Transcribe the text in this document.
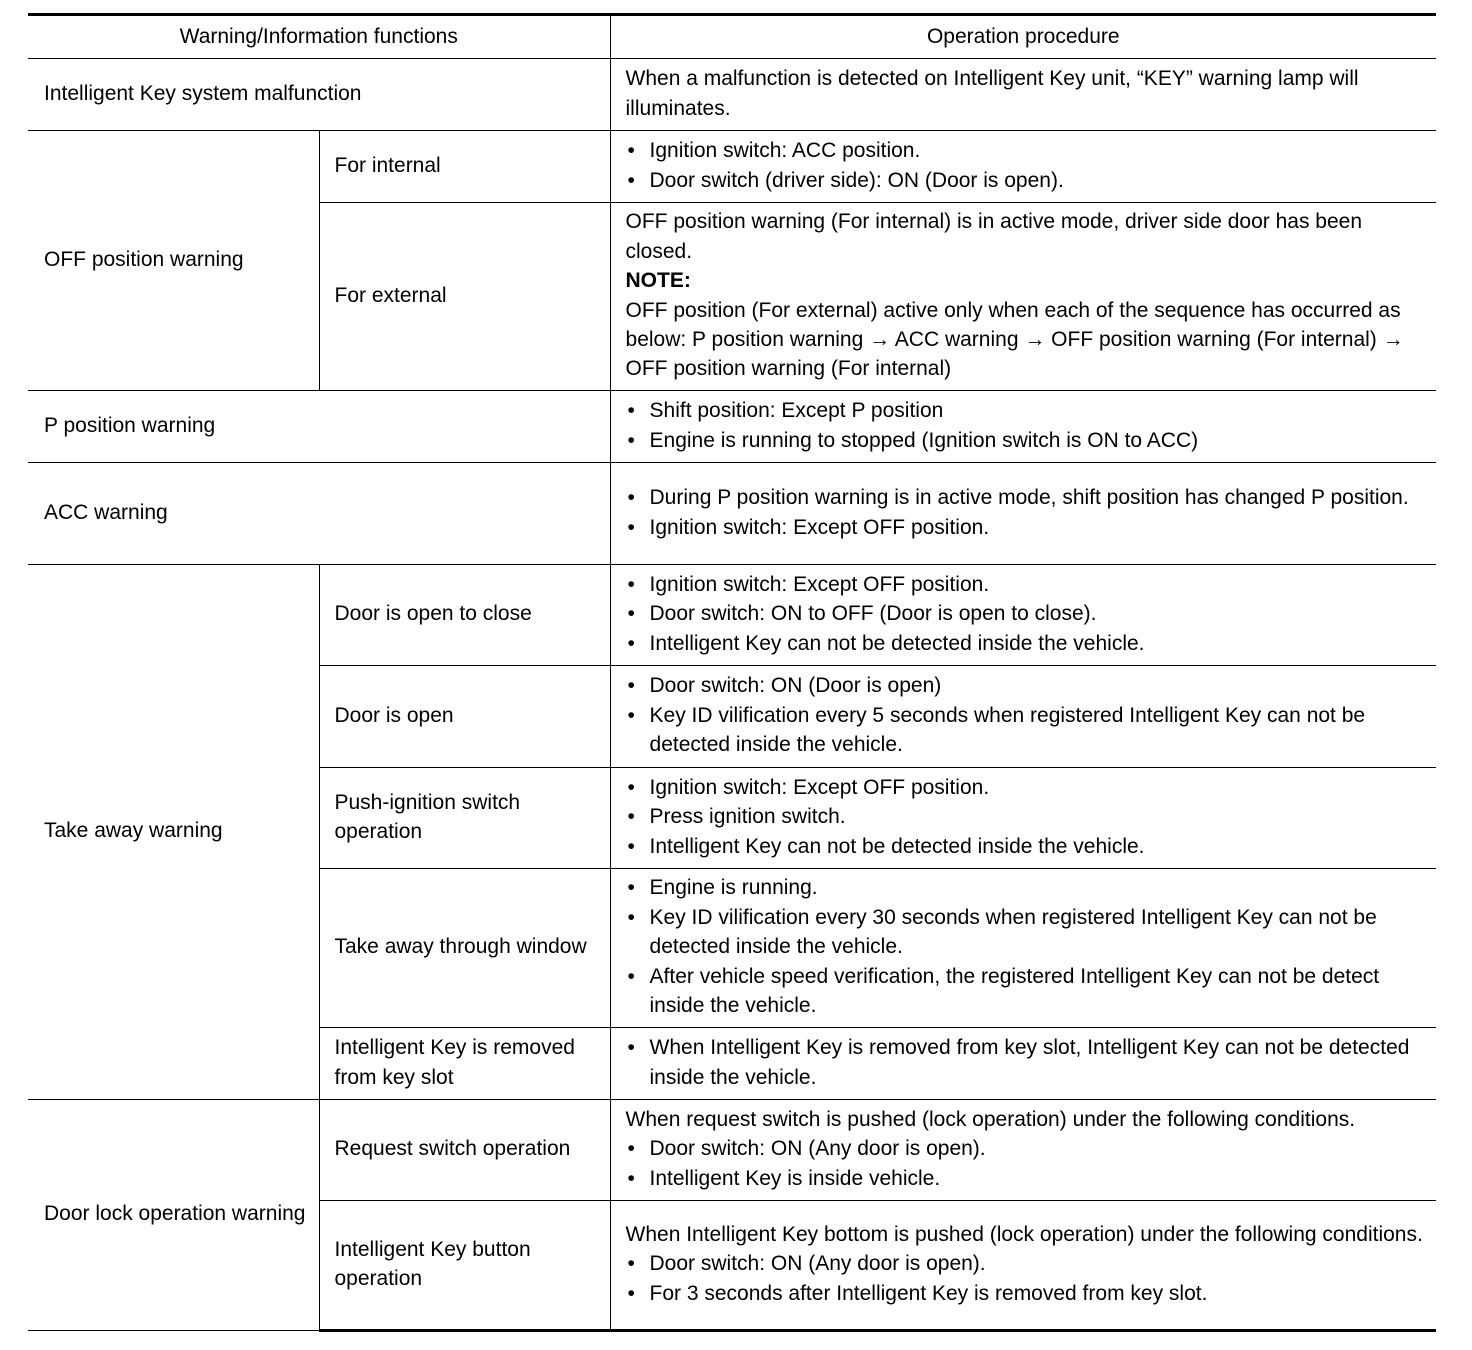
Warning/Information functions		Operation procedure
Intelligent Key system malfunction		When a malfunction is detected on Intelligent Key unit, “KEY” warning lamp will illuminates.
OFF position warning	For internal	• Ignition switch: ACC position.
• Door switch (driver side): ON (Door is open).

	For external	OFF position warning (For internal) is in active mode, driver side door has been closed.
NOTE:
OFF position (For external) active only when each of the sequence has occurred as below: P position warning → ACC warning → OFF position warning (For internal) → OFF position warning (For internal)

P position warning		• Shift position: Except P position
• Engine is running to stopped (Ignition switch is ON to ACC)

ACC warning		• During P position warning is in active mode, shift position has changed P position.
• Ignition switch: Except OFF position.

Take away warning	Door is open to close	• Ignition switch: Except OFF position.
• Door switch: ON to OFF (Door is open to close).
• Intelligent Key can not be detected inside the vehicle.

	Door is open	• Door switch: ON (Door is open)
• Key ID vilification every 5 seconds when registered Intelligent Key can not be detected inside the vehicle.

	Push-ignition switch operation	• Ignition switch: Except OFF position.
• Press ignition switch.
• Intelligent Key can not be detected inside the vehicle.

	Take away through window	• Engine is running.
• Key ID vilification every 30 seconds when registered Intelligent Key can not be detected inside the vehicle.
• After vehicle speed verification, the registered Intelligent Key can not be detect inside the vehicle.

	Intelligent Key is removed from key slot	• When Intelligent Key is removed from key slot, Intelligent Key can not be detected inside the vehicle.

Door lock operation warning	Request switch operation	When request switch is pushed (lock operation) under the following conditions.
• Door switch: ON (Any door is open).
• Intelligent Key is inside vehicle.

	Intelligent Key button operation	When Intelligent Key bottom is pushed (lock operation) under the following conditions.
• Door switch: ON (Any door is open).
• For 3 seconds after Intelligent Key is removed from key slot.
